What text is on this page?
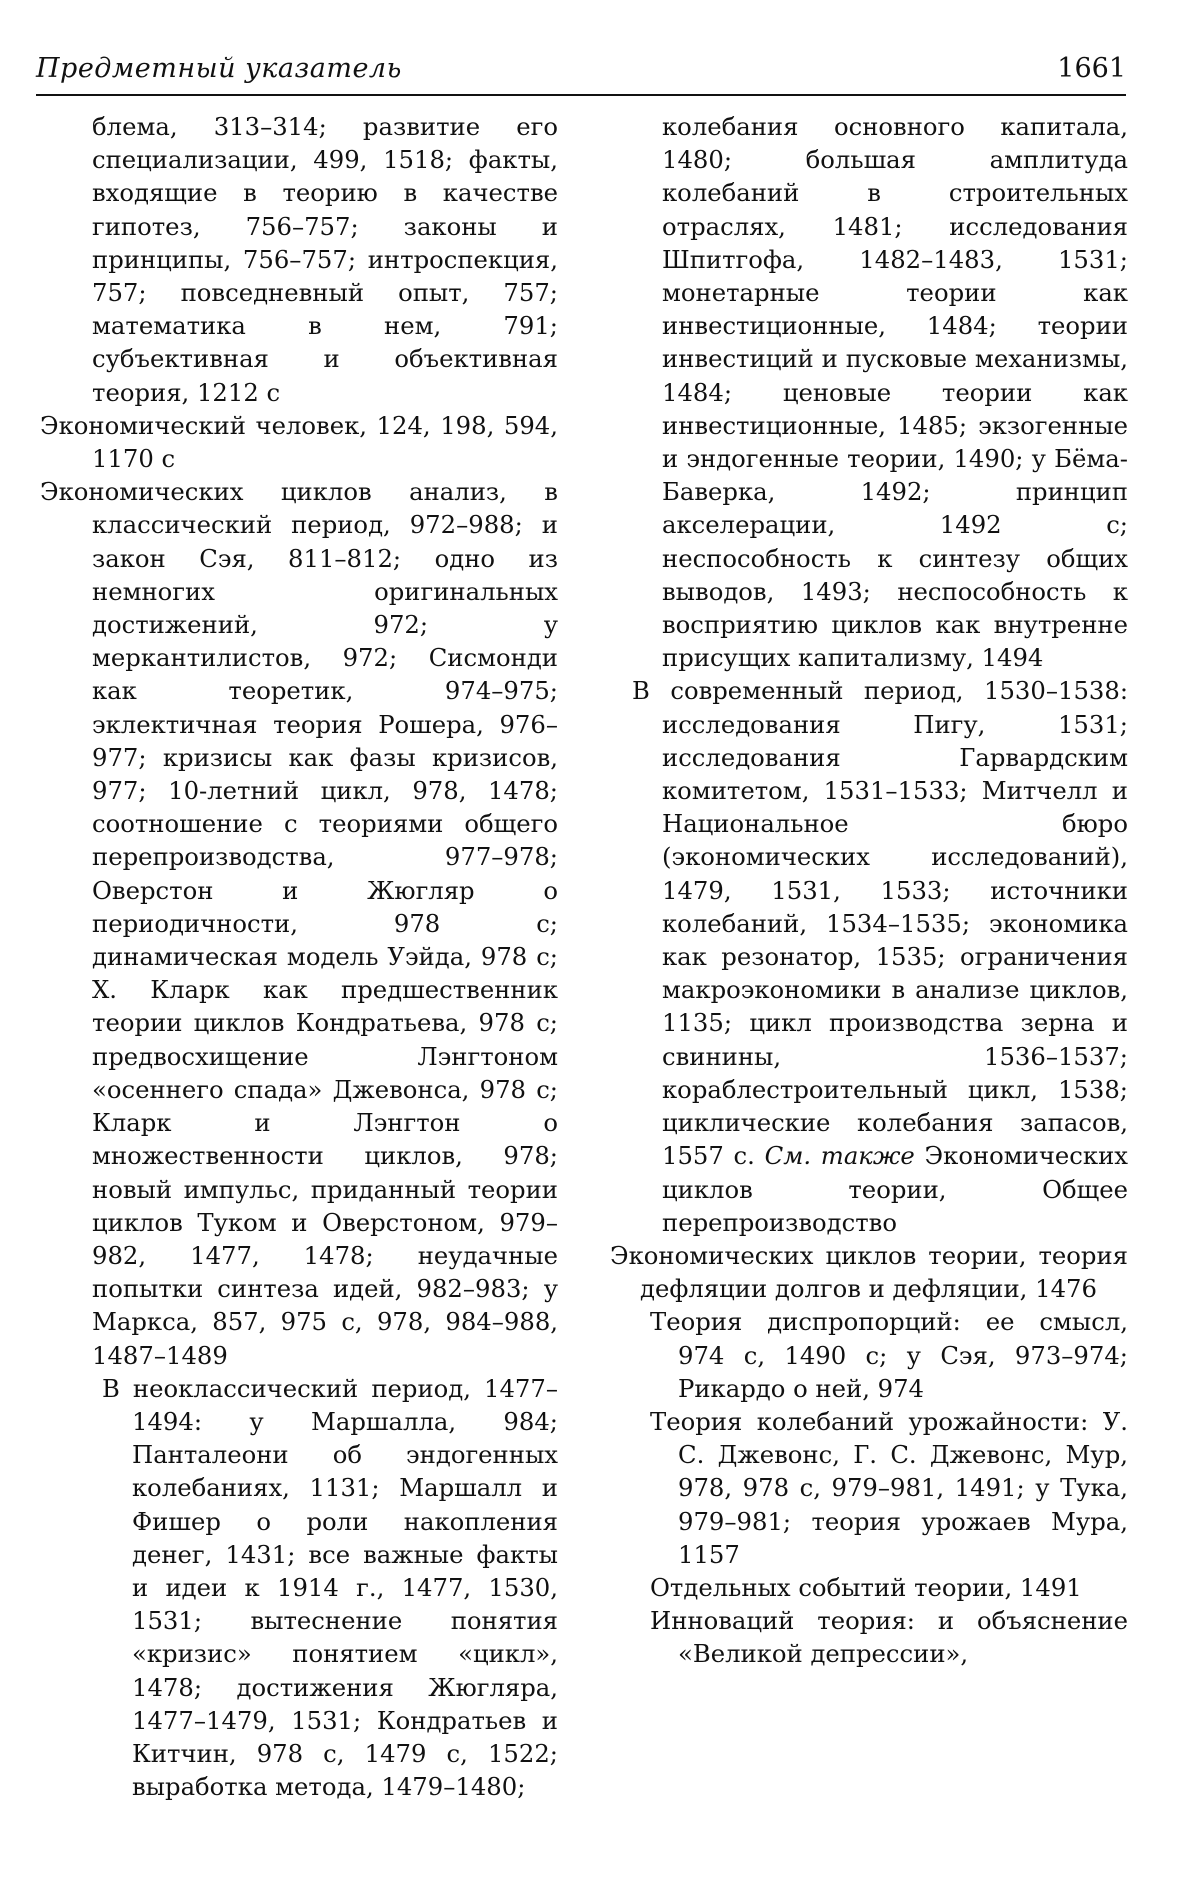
Предметный указатель	1661

блема, 313–314; развитие его специализации, 499, 1518; факты, входящие в теорию в качестве гипотез, 756–757; законы и принципы, 756–757; интроспекция, 757; повседневный опыт, 757; математика в нем, 791; субъективная и объективная теория, 1212 с

Экономический человек, 124, 198, 594, 1170 с

Экономических циклов анализ, в классический период, 972–988; и закон Сэя, 811–812; одно из немногих оригинальных достижений, 972; у меркантилистов, 972; Сисмонди как теоретик, 974–975; эклектичная теория Рошера, 976–977; кризисы как фазы кризисов, 977; 10-летний цикл, 978, 1478; соотношение с теориями общего перепроизводства, 977–978; Оверстон и Жюгляр о периодичности, 978 с; динамическая модель Уэйда, 978 с; Х. Кларк как предшественник теории циклов Кондратьева, 978 с; предвосхищение Лэнгтоном «осеннего спада» Джевонса, 978 с; Кларк и Лэнгтон о множественности циклов, 978; новый импульс, приданный теории циклов Туком и Оверстоном, 979–982, 1477, 1478; неудачные попытки синтеза идей, 982–983; у Маркса, 857, 975 с, 978, 984–988, 1487–1489

В неоклассический период, 1477–1494: у Маршалла, 984; Панталеони об эндогенных колебаниях, 1131; Маршалл и Фишер о роли накопления денег, 1431; все важные факты и идеи к 1914 г., 1477, 1530, 1531; вытеснение понятия «кризис» понятием «цикл», 1478; достижения Жюгляра, 1477–1479, 1531; Кондратьев и Китчин, 978 с, 1479 с, 1522; выработка метода, 1479–1480;

колебания основного капитала, 1480; большая амплитуда колебаний в строительных отраслях, 1481; исследования Шпитгофа, 1482–1483, 1531; монетарные теории как инвестиционные, 1484; теории инвестиций и пусковые механизмы, 1484; ценовые теории как инвестиционные, 1485; экзогенные и эндогенные теории, 1490; у Бёма-Баверка, 1492; принцип акселерации, 1492 с; неспособность к синтезу общих выводов, 1493; неспособность к восприятию циклов как внутренне присущих капитализму, 1494

В современный период, 1530–1538: исследования Пигу, 1531; исследования Гарвардским комитетом, 1531–1533; Митчелл и Национальное бюро (экономических исследований), 1479, 1531, 1533; источники колебаний, 1534–1535; экономика как резонатор, 1535; ограничения макроэкономики в анализе циклов, 1135; цикл производства зерна и свинины, 1536–1537; кораблестроительный цикл, 1538; циклические колебания запасов, 1557 с. См. также Экономических циклов теории, Общее перепроизводство

Экономических циклов теории, теория дефляции долгов и дефляции, 1476

Теория диспропорций: ее смысл, 974 с, 1490 с; у Сэя, 973–974; Рикардо о ней, 974

Теория колебаний урожайности: У. С. Джевонс, Г. С. Джевонс, Мур, 978, 978 с, 979–981, 1491; у Тука, 979–981; теория урожаев Мура, 1157

Отдельных событий теории, 1491

Инноваций теория: и объяснение «Великой депрессии»,
